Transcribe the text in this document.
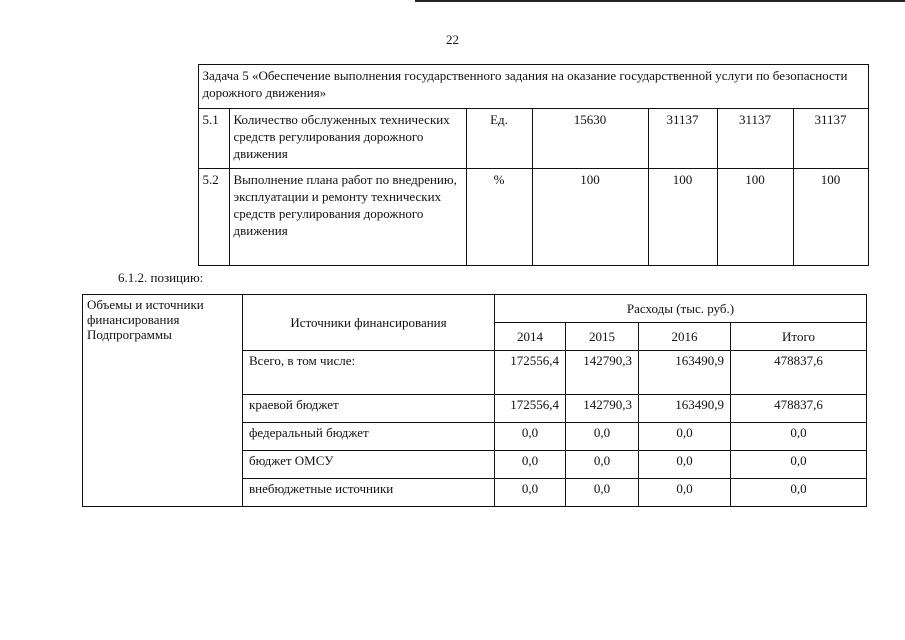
22
	Задача 5 «Обеспечение выполнения государственного задания на оказание государственной услуги по безопасности дорожного движения»						
	5.1	Количество обслуженных технических средств регулирования дорожного движения	Ед.	15630	31137	31137	31137
	5.2	Выполнение плана работ по внедрению, эксплуатации и ремонту технических средств регулирования дорожного движения	%	100	100	100	100
6.1.2. позицию:
Объемы и источники финансирования Подпрограммы	Источники финансирования	Расходы (тыс. руб.)			
		2014	2015	2016	Итого
	Всего, в том числе:	172556,4	142790,3	163490,9	478837,6
	краевой бюджет	172556,4	142790,3	163490,9	478837,6
	федеральный бюджет	0,0	0,0	0,0	0,0
	бюджет ОМСУ	0,0	0,0	0,0	0,0
	внебюджетные источники	0,0	0,0	0,0	0,0
